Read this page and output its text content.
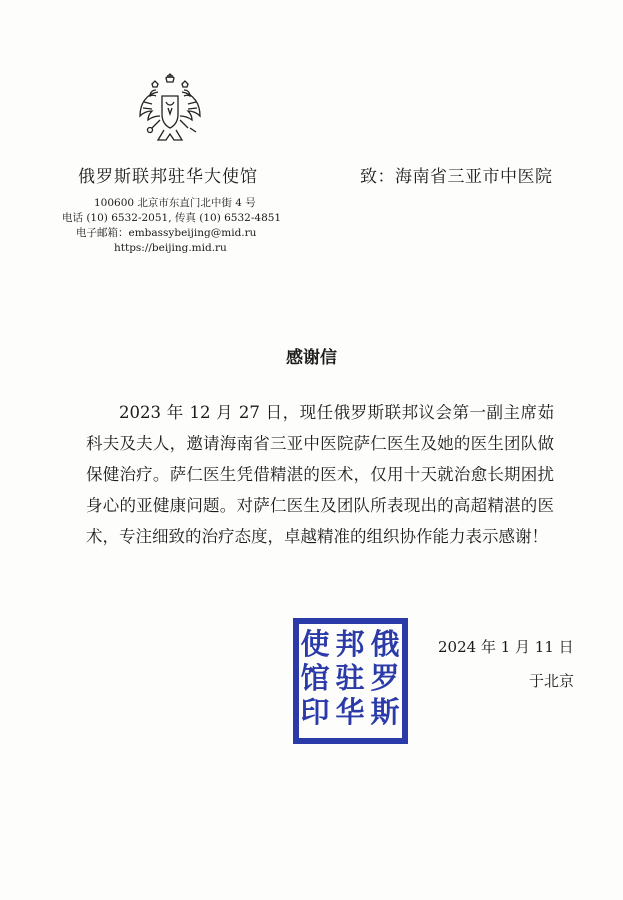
俄罗斯联邦驻华大使馆
100600 北京市东直门北中街 4 号
电话 (10) 6532-2051, 传真 (10) 6532-4851
电子邮箱：embassybeijing@mid.ru
https://beijing.mid.ru
致：海南省三亚市中医院
感谢信
2023 年 12 月 27 日，现任俄罗斯联邦议会第一副主席茹科夫及夫人，邀请海南省三亚中医院萨仁医生及她的医生团队做保健治疗。萨仁医生凭借精湛的医术，仅用十天就治愈长期困扰身心的亚健康问题。对萨仁医生及团队所表现出的高超精湛的医术，专注细致的治疗态度，卓越精准的组织协作能力表示感谢！
俄
罗
斯
邦
驻
华
使
馆
印
2024 年 1 月 11 日
于北京
